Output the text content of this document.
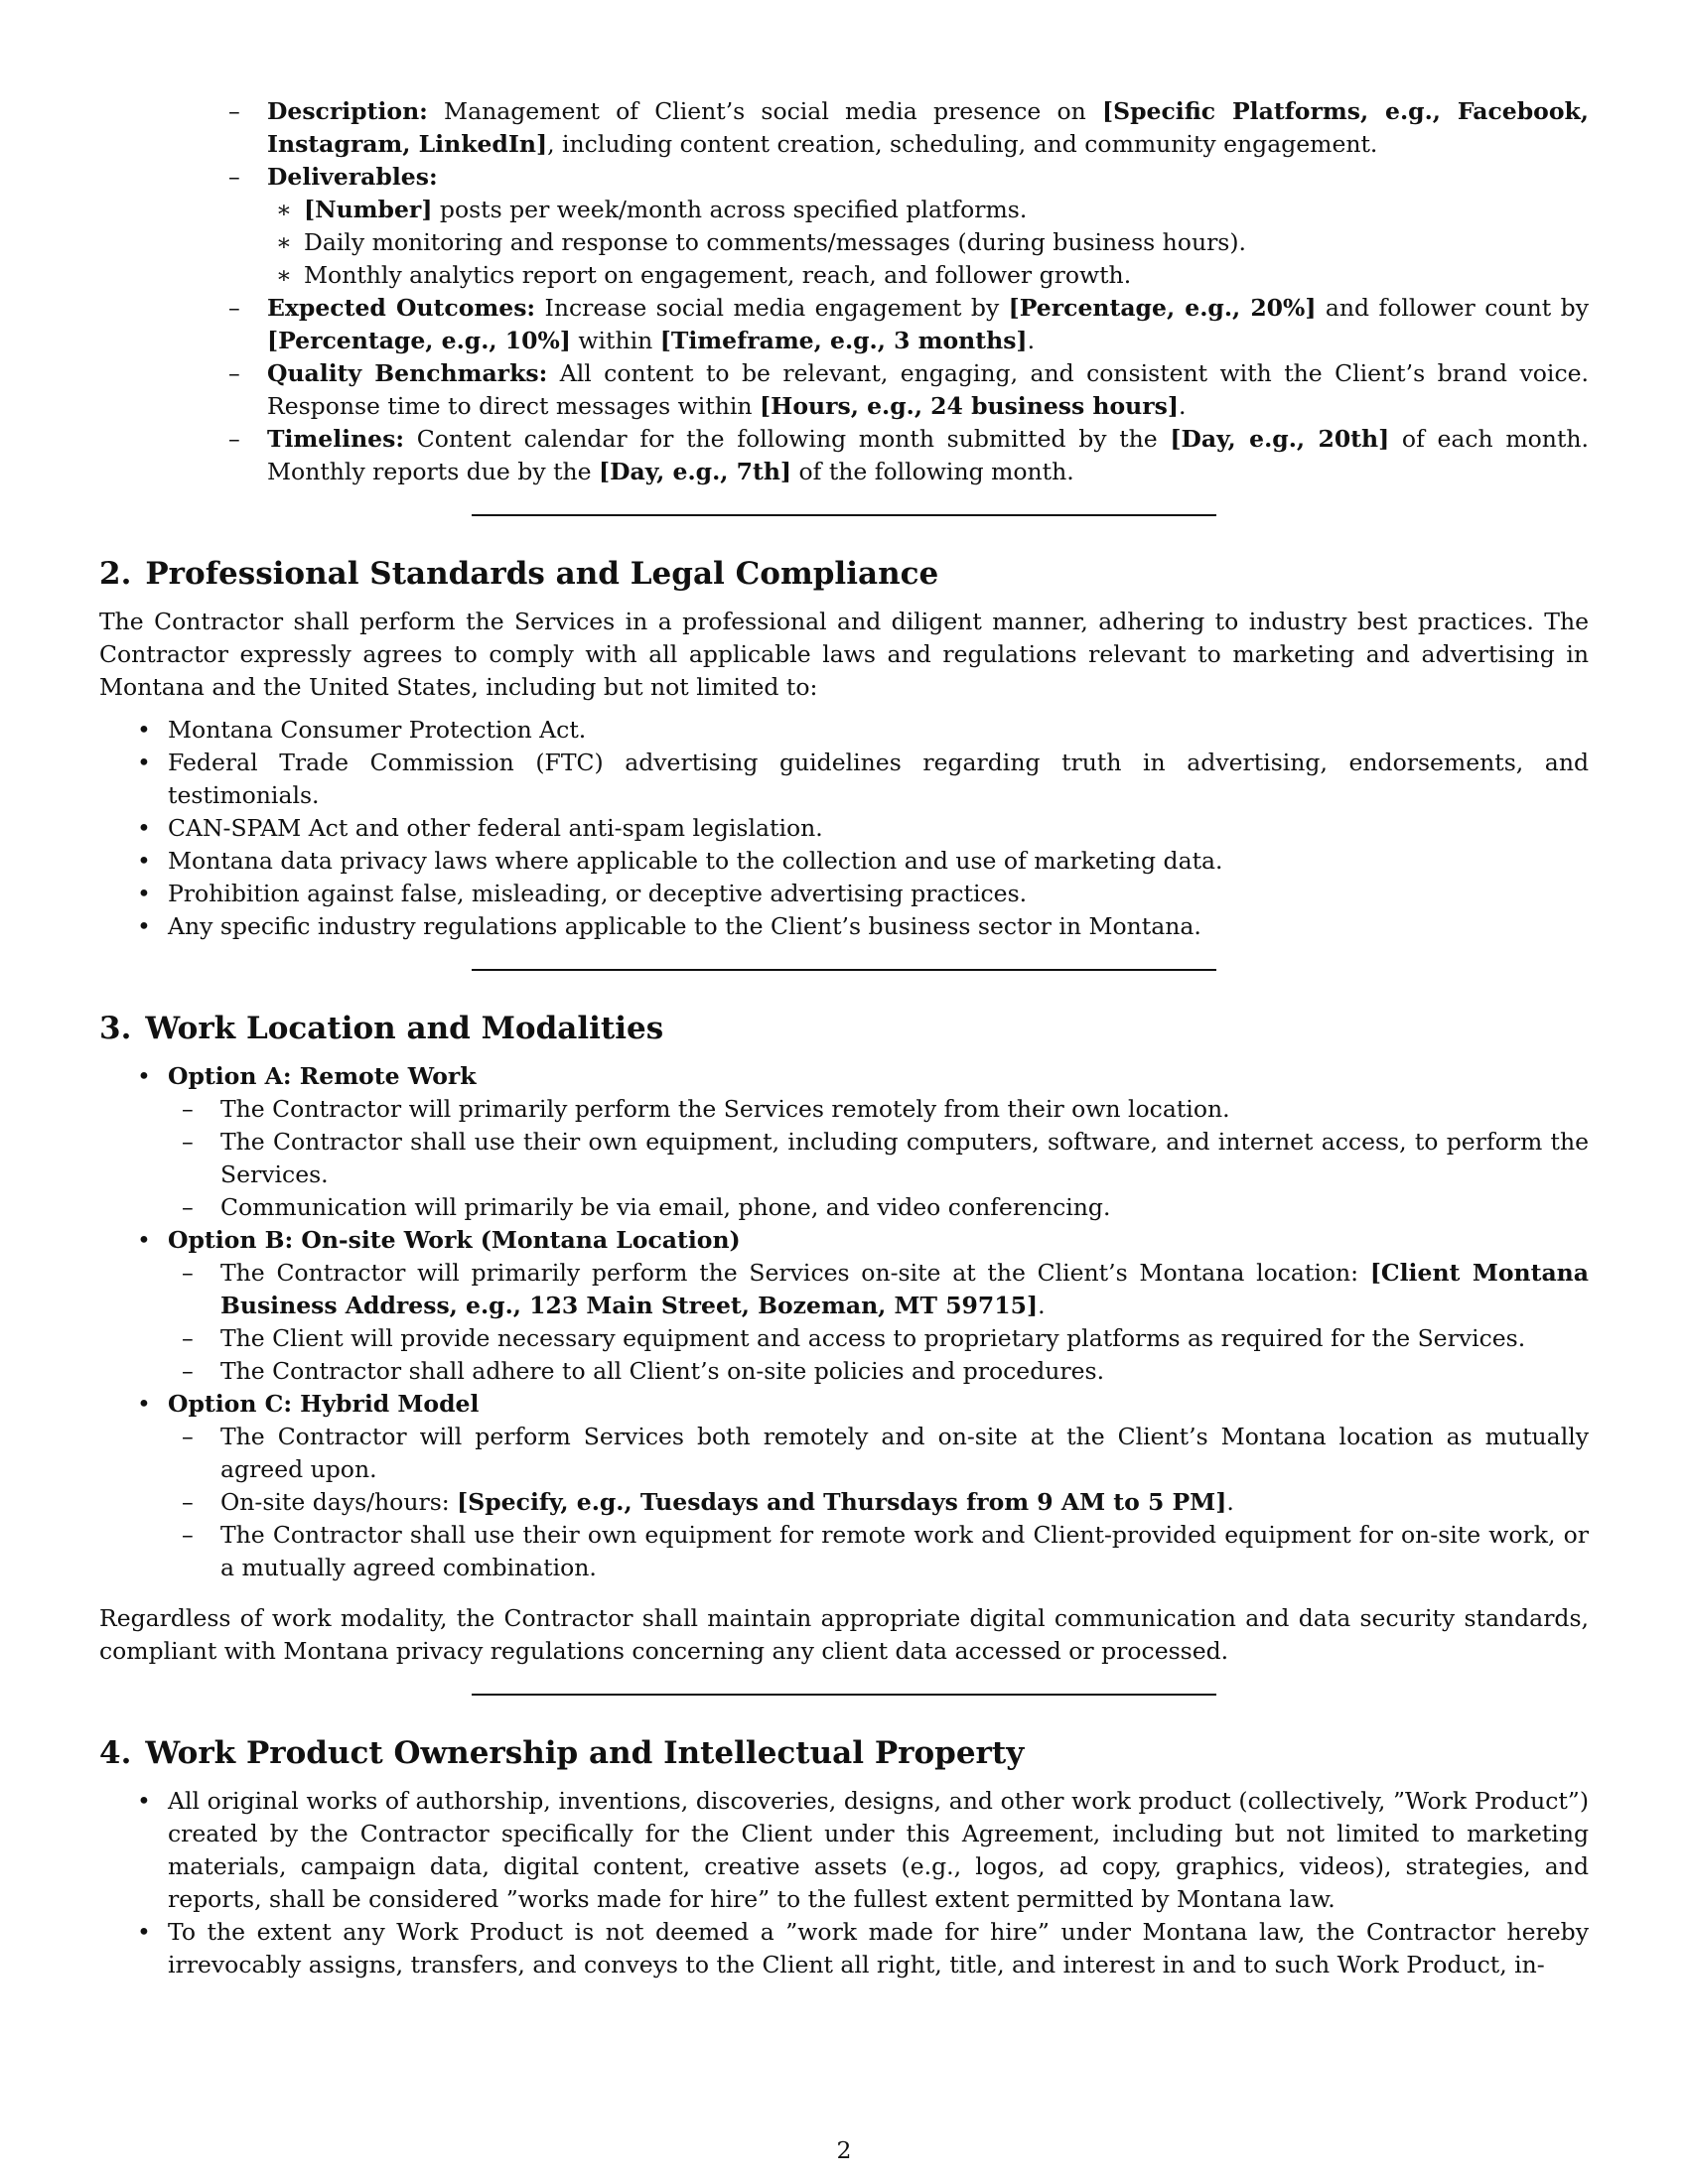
– Description: Management of Client’s social media presence on [Specific Platforms, e.g., Facebook, Instagram, LinkedIn], including content creation, scheduling, and community engagement.
– Deliverables:
∗ [Number] posts per week/month across specified platforms.
∗ Daily monitoring and response to comments/messages (during business hours).
∗ Monthly analytics report on engagement, reach, and follower growth.
– Expected Outcomes: Increase social media engagement by [Percentage, e.g., 20%] and follower count by [Percentage, e.g., 10%] within [Timeframe, e.g., 3 months].
– Quality Benchmarks: All content to be relevant, engaging, and consistent with the Client’s brand voice. Response time to direct messages within [Hours, e.g., 24 business hours].
– Timelines: Content calendar for the following month submitted by the [Day, e.g., 20th] of each month. Monthly reports due by the [Day, e.g., 7th] of the following month.
2. Professional Standards and Legal Compliance

The Contractor shall perform the Services in a professional and diligent manner, adhering to industry best practices. The Contractor expressly agrees to comply with all applicable laws and regulations relevant to marketing and advertising in Montana and the United States, including but not limited to:

• Montana Consumer Protection Act.
• Federal Trade Commission (FTC) advertising guidelines regarding truth in advertising, endorsements, and testimonials.
• CAN-SPAM Act and other federal anti-spam legislation.
• Montana data privacy laws where applicable to the collection and use of marketing data.
• Prohibition against false, misleading, or deceptive advertising practices.
• Any specific industry regulations applicable to the Client’s business sector in Montana.
3. Work Location and Modalities
• Option A: Remote Work
– The Contractor will primarily perform the Services remotely from their own location.
– The Contractor shall use their own equipment, including computers, software, and internet access, to perform the Services.
– Communication will primarily be via email, phone, and video conferencing.
• Option B: On-site Work (Montana Location)
– The Contractor will primarily perform the Services on-site at the Client’s Montana location: [Client Montana Business Address, e.g., 123 Main Street, Bozeman, MT 59715].
– The Client will provide necessary equipment and access to proprietary platforms as required for the Services.
– The Contractor shall adhere to all Client’s on-site policies and procedures.
• Option C: Hybrid Model
– The Contractor will perform Services both remotely and on-site at the Client’s Montana location as mutually agreed upon.
– On-site days/hours: [Specify, e.g., Tuesdays and Thursdays from 9 AM to 5 PM].
– The Contractor shall use their own equipment for remote work and Client-provided equipment for on-site work, or a mutually agreed combination.

Regardless of work modality, the Contractor shall maintain appropriate digital communication and data security standards, compliant with Montana privacy regulations concerning any client data accessed or processed.

4. Work Product Ownership and Intellectual Property
• All original works of authorship, inventions, discoveries, designs, and other work product (collectively, ”Work Product”) created by the Contractor specifically for the Client under this Agreement, including but not limited to marketing materials, campaign data, digital content, creative assets (e.g., logos, ad copy, graphics, videos), strategies, and reports, shall be considered ”works made for hire” to the fullest extent permitted by Montana law.
• To the extent any Work Product is not deemed a ”work made for hire” under Montana law, the Contractor hereby irrevocably assigns, transfers, and conveys to the Client all right, title, and interest in and to such Work Product, in-
2
